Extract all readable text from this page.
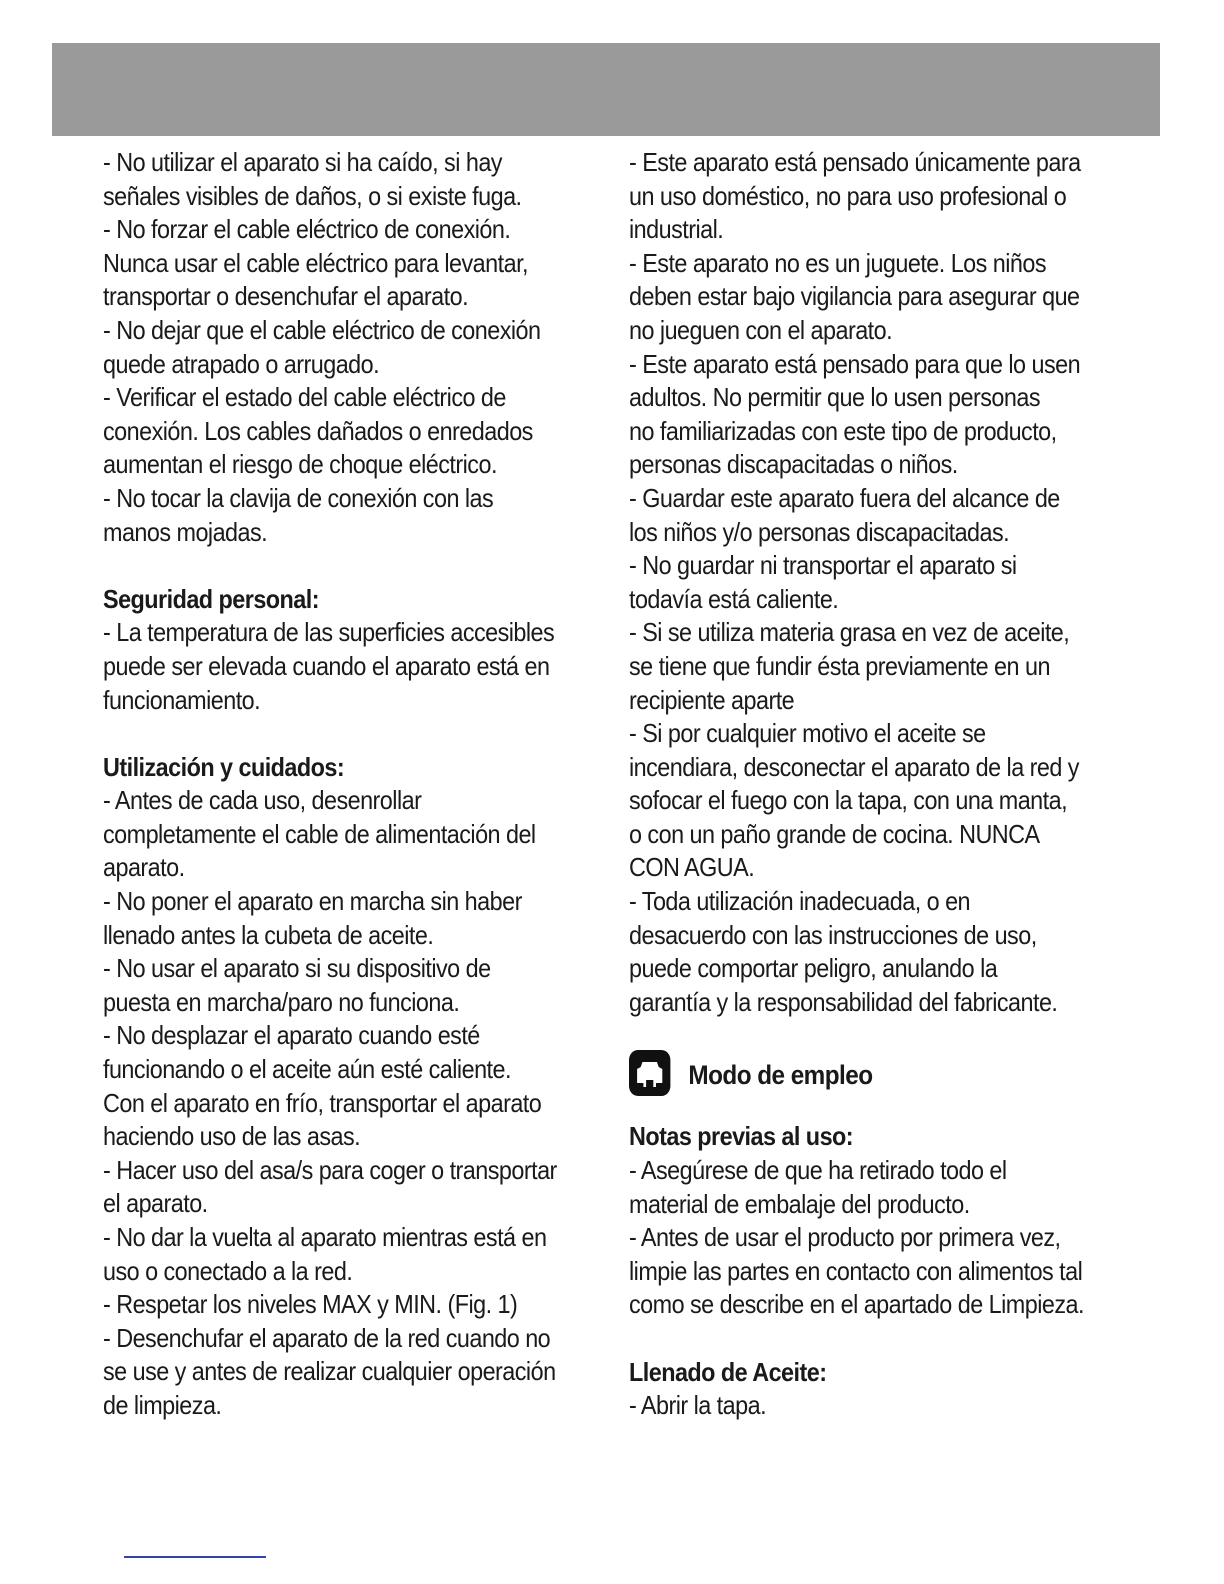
- No utilizar el aparato si ha caído, si hay
señales visibles de daños, o si existe fuga.
- No forzar el cable eléctrico de conexión.
Nunca usar el cable eléctrico para levantar,
transportar o desenchufar el aparato.
- No dejar que el cable eléctrico de conexión
quede atrapado o arrugado.
- Verificar el estado del cable eléctrico de
conexión. Los cables dañados o enredados
aumentan el riesgo de choque eléctrico.
- No tocar la clavija de conexión con las
manos mojadas.
Seguridad personal:
- La temperatura de las superficies accesibles
puede ser elevada cuando el aparato está en
funcionamiento.
Utilización y cuidados:
- Antes de cada uso, desenrollar
completamente el cable de alimentación del
aparato.
- No poner el aparato en marcha sin haber
llenado antes la cubeta de aceite.
- No usar el aparato si su dispositivo de
puesta en marcha/paro no funciona.
- No desplazar el aparato cuando esté
funcionando o el aceite aún esté caliente.
Con el aparato en frío, transportar el aparato
haciendo uso de las asas.
- Hacer uso del asa/s para coger o transportar
el aparato.
- No dar la vuelta al aparato mientras está en
uso o conectado a la red.
- Respetar los niveles MAX y MIN. (Fig. 1)
- Desenchufar el aparato de la red cuando no
se use y antes de realizar cualquier operación
de limpieza.
- Este aparato está pensado únicamente para
un uso doméstico, no para uso profesional o
industrial.
- Este aparato no es un juguete. Los niños
deben estar bajo vigilancia para asegurar que
no jueguen con el aparato.
- Este aparato está pensado para que lo usen
adultos. No permitir que lo usen personas
no familiarizadas con este tipo de producto,
personas discapacitadas o niños.
- Guardar este aparato fuera del alcance de
los niños y/o personas discapacitadas.
- No guardar ni transportar el aparato si
todavía está caliente.
- Si se utiliza materia grasa en vez de aceite,
se tiene que fundir ésta previamente en un
recipiente aparte
- Si por cualquier motivo el aceite se
incendiara, desconectar el aparato de la red y
sofocar el fuego con la tapa, con una manta,
o con un paño grande de cocina. NUNCA
CON AGUA.
- Toda utilización inadecuada, o en
desacuerdo con las instrucciones de uso,
puede comportar peligro, anulando la
garantía y la responsabilidad del fabricante.
Modo de empleo
Notas previas al uso:
- Asegúrese de que ha retirado todo el
material de embalaje del producto.
- Antes de usar el producto por primera vez,
limpie las partes en contacto con alimentos tal
como se describe en el apartado de Limpieza.
Llenado de Aceite:
- Abrir la tapa.
